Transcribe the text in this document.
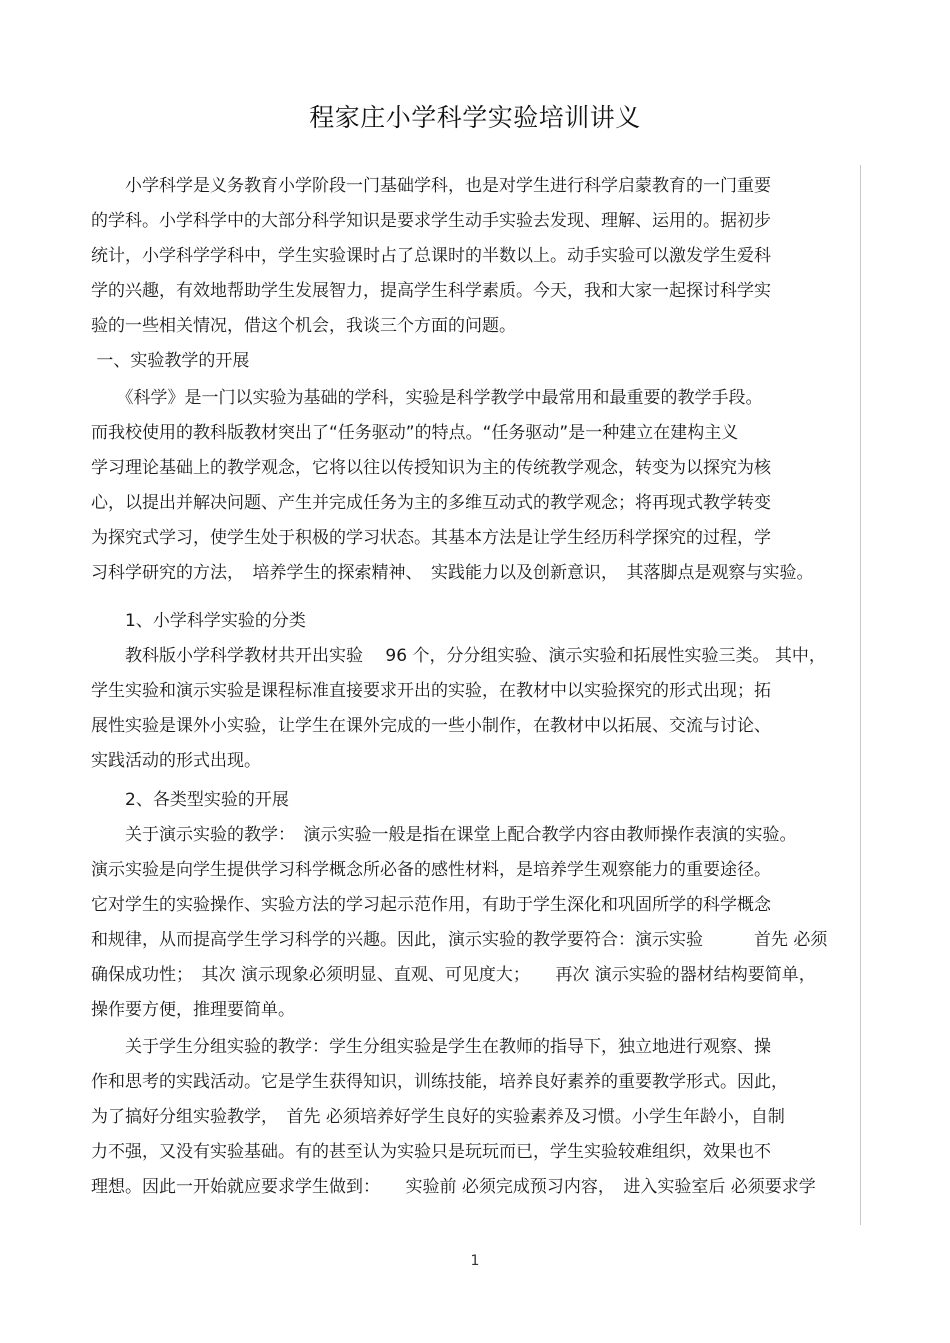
程家庄小学科学实验培训讲义
　　小学科学是义务教育小学阶段一门基础学科，也是对学生进行科学启蒙教育的一门重要
的学科。小学科学中的大部分科学知识是要求学生动手实验去发现、理解、运用的。据初步
统计，小学科学学科中，学生实验课时占了总课时的半数以上。动手实验可以激发学生爱科
学的兴趣，有效地帮助学生发展智力，提高学生科学素质。今天，我和大家一起探讨科学实
验的一些相关情况，借这个机会，我谈三个方面的问题。
一、实验教学的开展
　　《科学》是一门以实验为基础的学科，实验是科学教学中最常用和最重要的教学手段。
而我校使用的教科版教材突出了“任务驱动”的特点。“任务驱动”是一种建立在建构主义
学习理论基础上的教学观念，它将以往以传授知识为主的传统教学观念，转变为以探究为核
心，以提出并解决问题、产生并完成任务为主的多维互动式的教学观念；将再现式教学转变
为探究式学习，使学生处于积极的学习状态。其基本方法是让学生经历科学探究的过程，学
习科学研究的方法，　培养学生的探索精神、　实践能力以及创新意识，　其落脚点是观察与实验。
　　1、小学科学实验的分类
　　教科版小学科学教材共开出实验　 96 个，分分组实验、演示实验和拓展性实验三类。 其中，
学生实验和演示实验是课程标准直接要求开出的实验，在教材中以实验探究的形式出现；拓
展性实验是课外小实验，让学生在课外完成的一些小制作，在教材中以拓展、交流与讨论、
实践活动的形式出现。
　　2、各类型实验的开展
　　关于演示实验的教学：　演示实验一般是指在课堂上配合教学内容由教师操作表演的实验。
演示实验是向学生提供学习科学概念所必备的感性材料，是培养学生观察能力的重要途径。
它对学生的实验操作、实验方法的学习起示范作用，有助于学生深化和巩固所学的科学概念
和规律，从而提高学生学习科学的兴趣。因此，演示实验的教学要符合：演示实验　　　首先 必须
确保成功性；　其次 演示现象必须明显、直观、可见度大；　　再次 演示实验的器材结构要简单，
操作要方便，推理要简单。
　　关于学生分组实验的教学：学生分组实验是学生在教师的指导下，独立地进行观察、操
作和思考的实践活动。它是学生获得知识，训练技能，培养良好素养的重要教学形式。因此，
为了搞好分组实验教学，　首先 必须培养好学生良好的实验素养及习惯。小学生年龄小，自制
力不强，又没有实验基础。有的甚至认为实验只是玩玩而已，学生实验较难组织，效果也不
理想。因此一开始就应要求学生做到：　　实验前 必须完成预习内容，　进入实验室后 必须要求学
1
